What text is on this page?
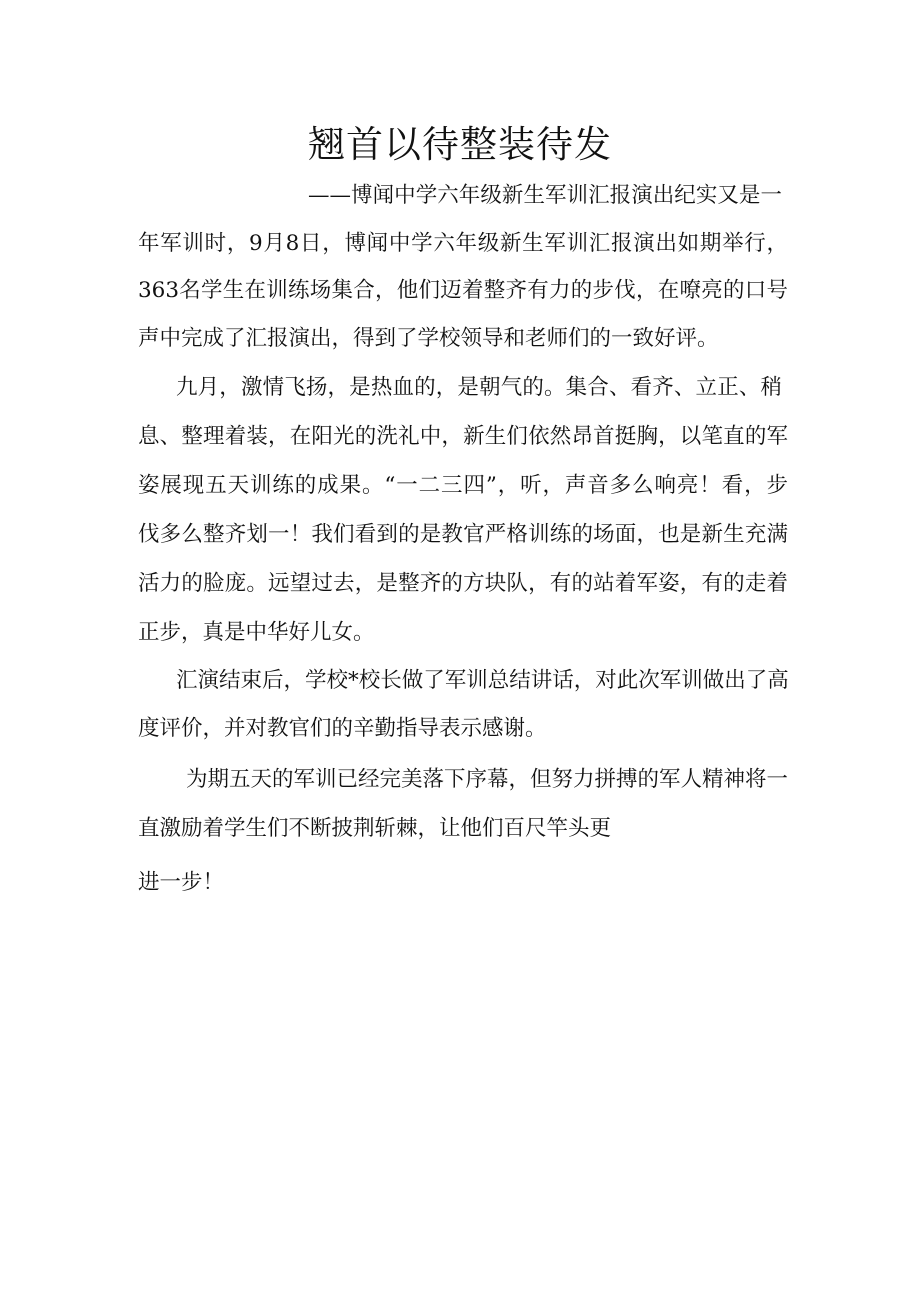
翘首以待整装待发

——博闻中学六年级新生军训汇报演出纪实又是一

年军训时，9月8日，博闻中学六年级新生军训汇报演出如期举行，

363名学生在训练场集合，他们迈着整齐有力的步伐，在嘹亮的口号

声中完成了汇报演出，得到了学校领导和老师们的一致好评。

九月，激情飞扬，是热血的，是朝气的。集合、看齐、立正、稍

息、整理着装，在阳光的洗礼中，新生们依然昂首挺胸，以笔直的军

姿展现五天训练的成果。“一二三四”，听，声音多么响亮！看，步

伐多么整齐划一！我们看到的是教官严格训练的场面，也是新生充满

活力的脸庞。远望过去，是整齐的方块队，有的站着军姿，有的走着

正步，真是中华好儿女。

汇演结束后，学校*校长做了军训总结讲话，对此次军训做出了高

度评价，并对教官们的辛勤指导表示感谢。

为期五天的军训已经完美落下序幕，但努力拼搏的军人精神将一

直激励着学生们不断披荆斩棘，让他们百尺竿头更

进一步！
